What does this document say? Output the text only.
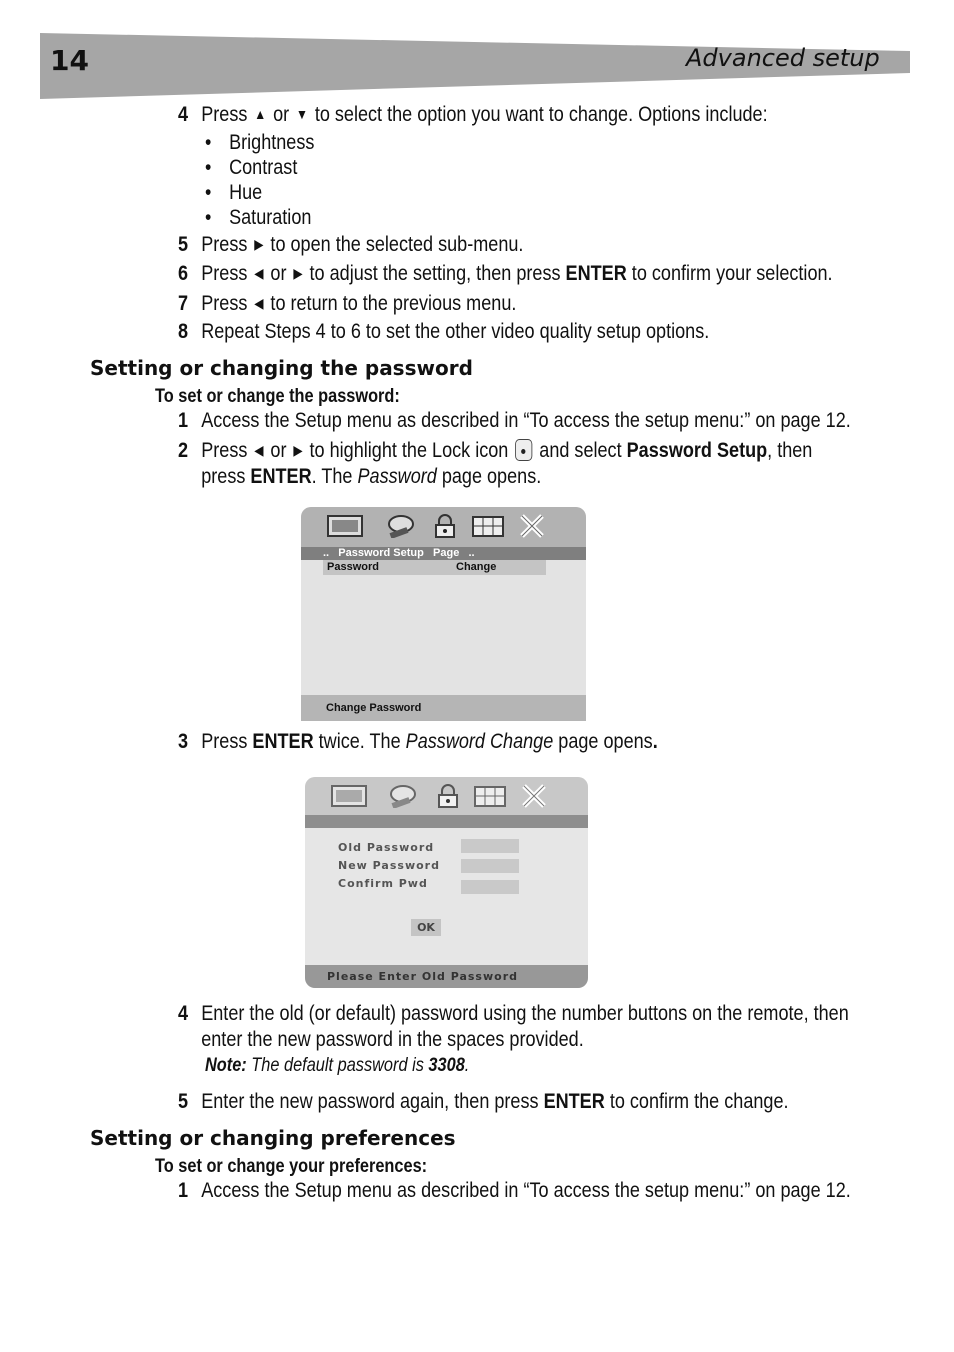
14	Advanced setup
4 Press ▲ or ▼ to select the option you want to change. Options include:
• Brightness
• Contrast
• Hue
• Saturation
5 Press ▶ to open the selected sub-menu.
6 Press ◀ or ▶ to adjust the setting, then press ENTER to confirm your selection.
7 Press ◀ to return to the previous menu.
8 Repeat Steps 4 to 6 to set the other video quality setup options.
Setting or changing the password
To set or change the password:
1 Access the Setup menu as described in “To access the setup menu:” on page 12.
2 Press ◀ or ▶ to highlight the Lock icon and select Password Setup, then
press ENTER. The Password page opens.
..   Password Setup   Page   ..
Password	Change
Change Password
3 Press ENTER twice. The Password Change page opens.
Old Password
New Password
Confirm Pwd
OK
Please Enter Old Password
4 Enter the old (or default) password using the number buttons on the remote, then
enter the new password in the spaces provided.
Note: The default password is 3308.
5 Enter the new password again, then press ENTER to confirm the change.
Setting or changing preferences
To set or change your preferences:
1 Access the Setup menu as described in “To access the setup menu:” on page 12.
